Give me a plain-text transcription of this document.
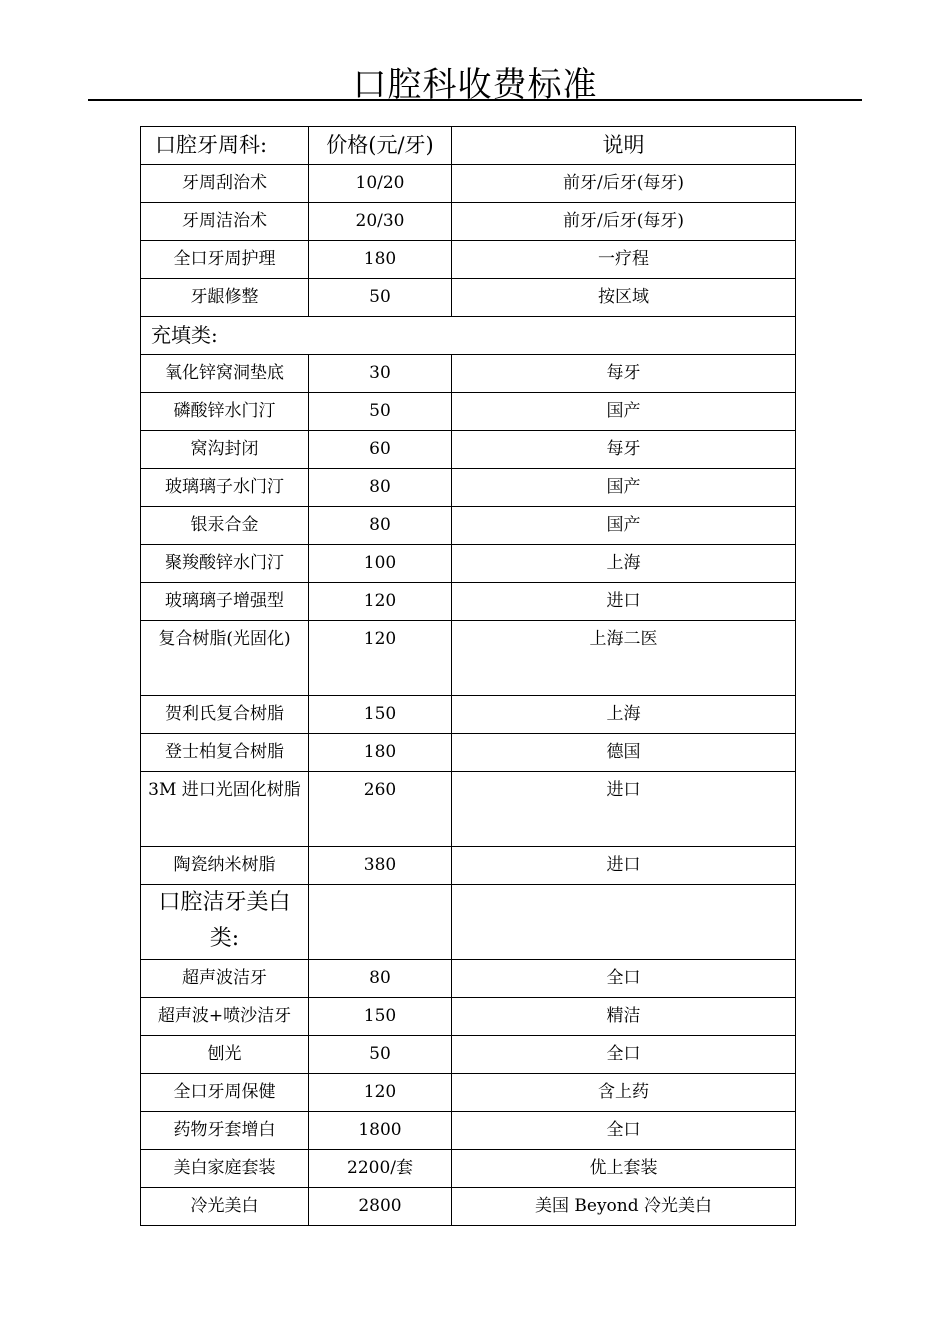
口腔科收费标准
口腔牙周科:	价格(元/牙)	说明
牙周刮治术	10/20	前牙/后牙(每牙)
牙周洁治术	20/30	前牙/后牙(每牙)
全口牙周护理	180	一疗程
牙龈修整	50	按区域
充填类:		
氧化锌窝洞垫底	30	每牙
磷酸锌水门汀	50	国产
窝沟封闭	60	每牙
玻璃璃子水门汀	80	国产
银汞合金	80	国产
聚羧酸锌水门汀	100	上海
玻璃璃子增强型	120	进口
复合树脂(光固化)	120	上海二医
贺利氏复合树脂	150	上海
登士柏复合树脂	180	德国
3M 进口光固化树脂	260	进口
陶瓷纳米树脂	380	进口
口腔洁牙美白类:		
超声波洁牙	80	全口
超声波+喷沙洁牙	150	精洁
刨光	50	全口
全口牙周保健	120	含上药
药物牙套增白	1800	全口
美白家庭套装	2200/套	优上套装
冷光美白	2800	美国 Beyond 冷光美白
